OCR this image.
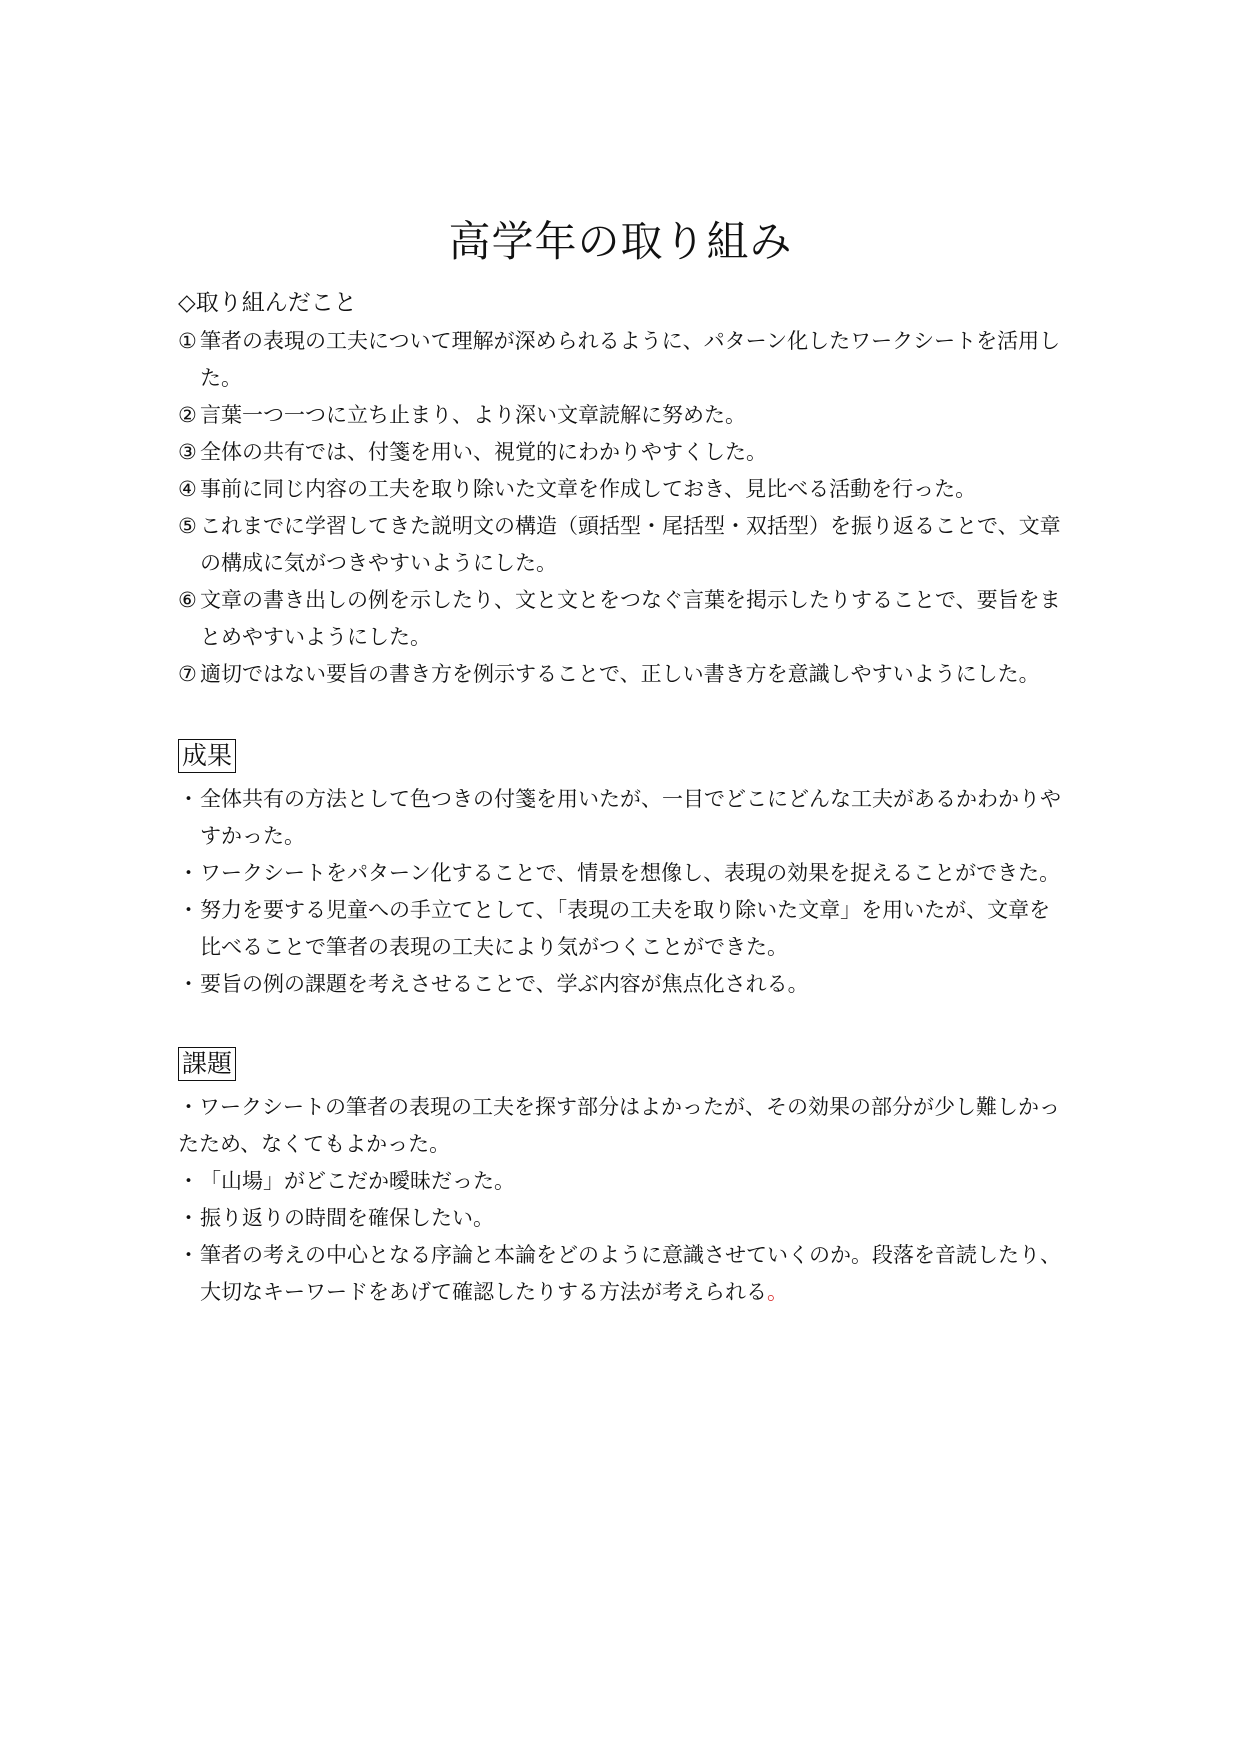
高学年の取り組み
◇取り組んだこと
① 筆者の表現の工夫について理解が深められるように、パターン化したワークシートを活用した。
② 言葉一つ一つに立ち止まり、より深い文章読解に努めた。
③ 全体の共有では、付箋を用い、視覚的にわかりやすくした。
④ 事前に同じ内容の工夫を取り除いた文章を作成しておき、見比べる活動を行った。
⑤ これまでに学習してきた説明文の構造（頭括型・尾括型・双括型）を振り返ることで、文章の構成に気がつきやすいようにした。
⑥ 文章の書き出しの例を示したり、文と文とをつなぐ言葉を掲示したりすることで、要旨をまとめやすいようにした。
⑦ 適切ではない要旨の書き方を例示することで、正しい書き方を意識しやすいようにした。
成果
・ 全体共有の方法として色つきの付箋を用いたが、一目でどこにどんな工夫があるかわかりやすかった。
・ ワークシートをパターン化することで、情景を想像し、表現の効果を捉えることができた。
・ 努力を要する児童への手立てとして、「表現の工夫を取り除いた文章」を用いたが、文章を比べることで筆者の表現の工夫により気がつくことができた。
・ 要旨の例の課題を考えさせることで、学ぶ内容が焦点化される。
課題
・ワークシートの筆者の表現の工夫を探す部分はよかったが、その効果の部分が少し難しかったため、なくてもよかった。
・ 「山場」がどこだか曖昧だった。
・ 振り返りの時間を確保したい。
・ 筆者の考えの中心となる序論と本論をどのように意識させていくのか。段落を音読したり、大切なキーワードをあげて確認したりする方法が考えられる。
